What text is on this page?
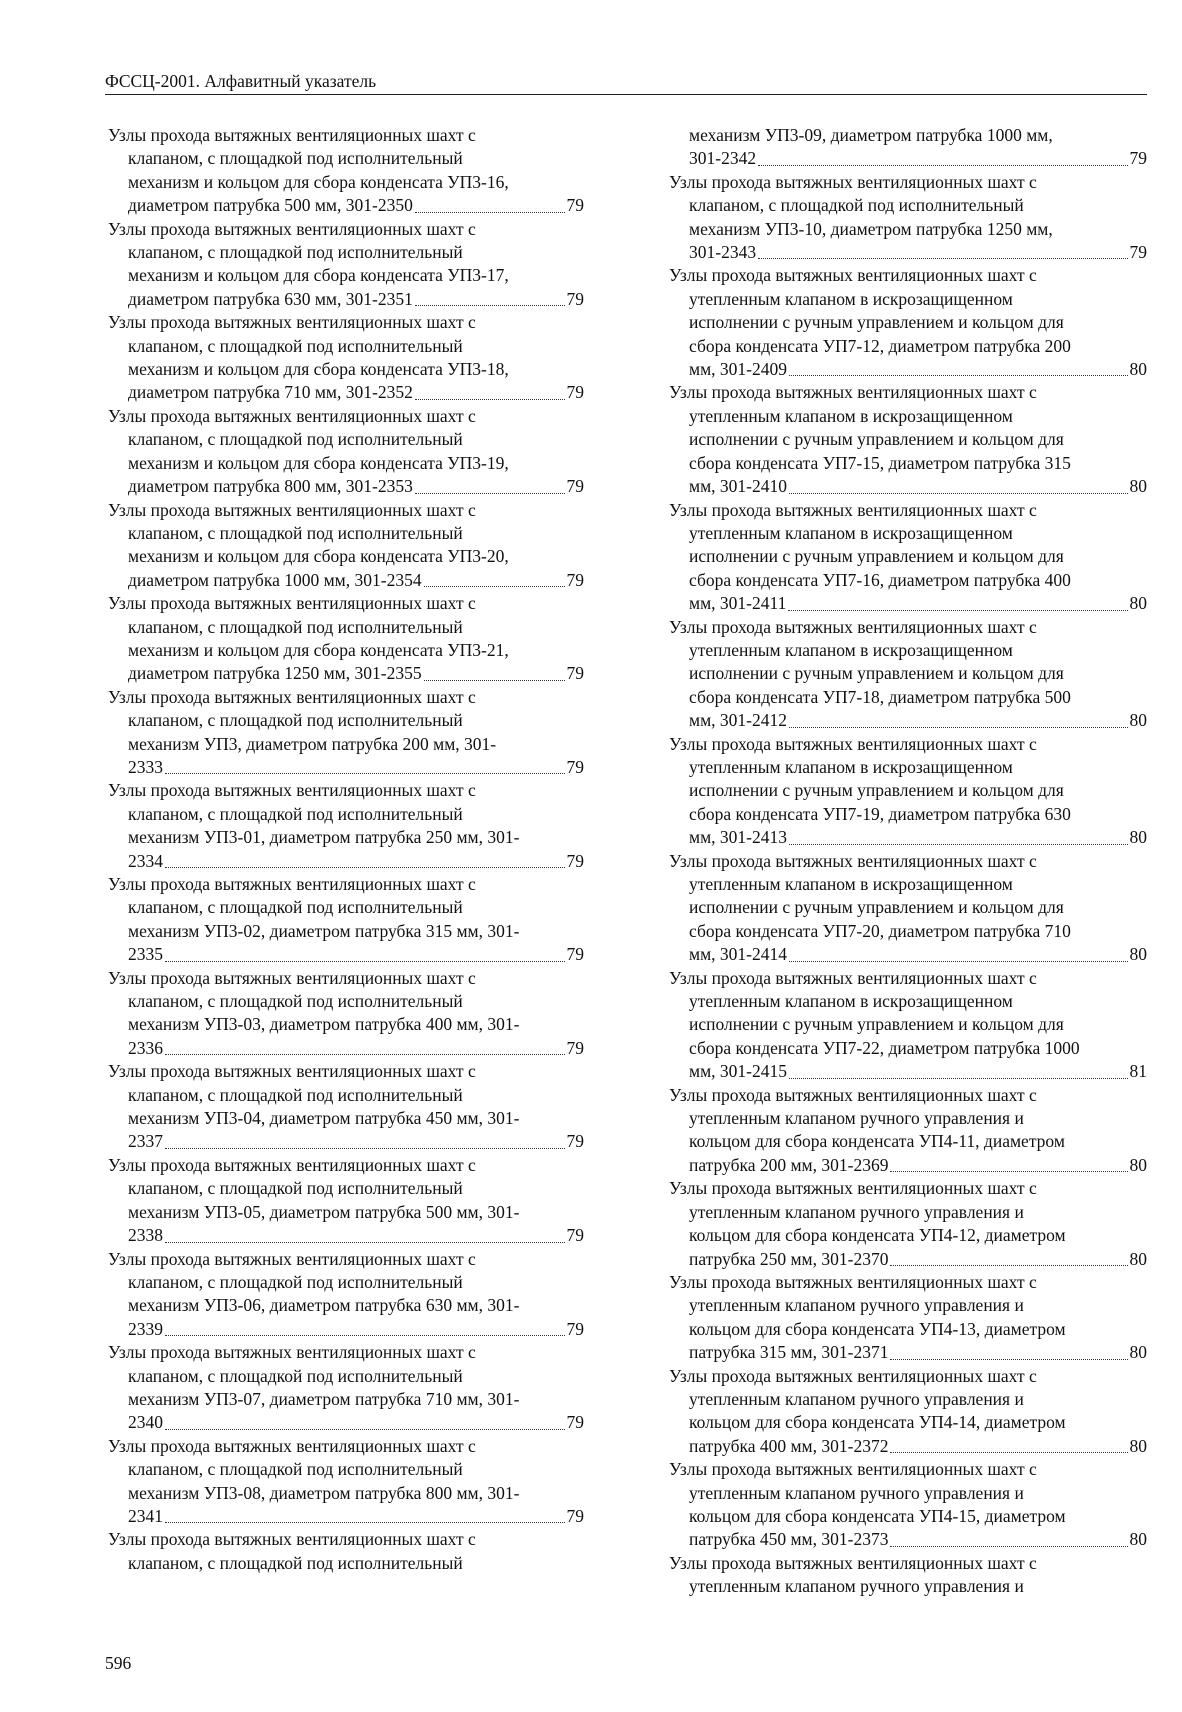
ФССЦ-2001. Алфавитный указатель
Узлы прохода вытяжных вентиляционных шахт с
клапаном, с площадкой под исполнительный
механизм и кольцом для сбора конденсата УП3-16,
диаметром патрубка 500 мм, 301-2350	79
Узлы прохода вытяжных вентиляционных шахт с
клапаном, с площадкой под исполнительный
механизм и кольцом для сбора конденсата УП3-17,
диаметром патрубка 630 мм, 301-2351	79
Узлы прохода вытяжных вентиляционных шахт с
клапаном, с площадкой под исполнительный
механизм и кольцом для сбора конденсата УП3-18,
диаметром патрубка 710 мм, 301-2352	79
Узлы прохода вытяжных вентиляционных шахт с
клапаном, с площадкой под исполнительный
механизм и кольцом для сбора конденсата УП3-19,
диаметром патрубка 800 мм, 301-2353	79
Узлы прохода вытяжных вентиляционных шахт с
клапаном, с площадкой под исполнительный
механизм и кольцом для сбора конденсата УП3-20,
диаметром патрубка 1000 мм, 301-2354	79
Узлы прохода вытяжных вентиляционных шахт с
клапаном, с площадкой под исполнительный
механизм и кольцом для сбора конденсата УП3-21,
диаметром патрубка 1250 мм, 301-2355	79
Узлы прохода вытяжных вентиляционных шахт с
клапаном, с площадкой под исполнительный
механизм УП3, диаметром патрубка 200 мм, 301-
2333	79
Узлы прохода вытяжных вентиляционных шахт с
клапаном, с площадкой под исполнительный
механизм УП3-01, диаметром патрубка 250 мм, 301-
2334	79
Узлы прохода вытяжных вентиляционных шахт с
клапаном, с площадкой под исполнительный
механизм УП3-02, диаметром патрубка 315 мм, 301-
2335	79
Узлы прохода вытяжных вентиляционных шахт с
клапаном, с площадкой под исполнительный
механизм УП3-03, диаметром патрубка 400 мм, 301-
2336	79
Узлы прохода вытяжных вентиляционных шахт с
клапаном, с площадкой под исполнительный
механизм УП3-04, диаметром патрубка 450 мм, 301-
2337	79
Узлы прохода вытяжных вентиляционных шахт с
клапаном, с площадкой под исполнительный
механизм УП3-05, диаметром патрубка 500 мм, 301-
2338	79
Узлы прохода вытяжных вентиляционных шахт с
клапаном, с площадкой под исполнительный
механизм УП3-06, диаметром патрубка 630 мм, 301-
2339	79
Узлы прохода вытяжных вентиляционных шахт с
клапаном, с площадкой под исполнительный
механизм УП3-07, диаметром патрубка 710 мм, 301-
2340	79
Узлы прохода вытяжных вентиляционных шахт с
клапаном, с площадкой под исполнительный
механизм УП3-08, диаметром патрубка 800 мм, 301-
2341	79
Узлы прохода вытяжных вентиляционных шахт с
клапаном, с площадкой под исполнительный
механизм УП3-09, диаметром патрубка 1000 мм,
301-2342	79
Узлы прохода вытяжных вентиляционных шахт с
клапаном, с площадкой под исполнительный
механизм УП3-10, диаметром патрубка 1250 мм,
301-2343	79
Узлы прохода вытяжных вентиляционных шахт с
утепленным клапаном в искрозащищенном
исполнении с ручным управлением и кольцом для
сбора конденсата УП7-12, диаметром патрубка 200
мм, 301-2409	80
Узлы прохода вытяжных вентиляционных шахт с
утепленным клапаном в искрозащищенном
исполнении с ручным управлением и кольцом для
сбора конденсата УП7-15, диаметром патрубка 315
мм, 301-2410	80
Узлы прохода вытяжных вентиляционных шахт с
утепленным клапаном в искрозащищенном
исполнении с ручным управлением и кольцом для
сбора конденсата УП7-16, диаметром патрубка 400
мм, 301-2411	80
Узлы прохода вытяжных вентиляционных шахт с
утепленным клапаном в искрозащищенном
исполнении с ручным управлением и кольцом для
сбора конденсата УП7-18, диаметром патрубка 500
мм, 301-2412	80
Узлы прохода вытяжных вентиляционных шахт с
утепленным клапаном в искрозащищенном
исполнении с ручным управлением и кольцом для
сбора конденсата УП7-19, диаметром патрубка 630
мм, 301-2413	80
Узлы прохода вытяжных вентиляционных шахт с
утепленным клапаном в искрозащищенном
исполнении с ручным управлением и кольцом для
сбора конденсата УП7-20, диаметром патрубка 710
мм, 301-2414	80
Узлы прохода вытяжных вентиляционных шахт с
утепленным клапаном в искрозащищенном
исполнении с ручным управлением и кольцом для
сбора конденсата УП7-22, диаметром патрубка 1000
мм, 301-2415	81
Узлы прохода вытяжных вентиляционных шахт с
утепленным клапаном ручного управления и
кольцом для сбора конденсата УП4-11, диаметром
патрубка 200 мм, 301-2369	80
Узлы прохода вытяжных вентиляционных шахт с
утепленным клапаном ручного управления и
кольцом для сбора конденсата УП4-12, диаметром
патрубка 250 мм, 301-2370	80
Узлы прохода вытяжных вентиляционных шахт с
утепленным клапаном ручного управления и
кольцом для сбора конденсата УП4-13, диаметром
патрубка 315 мм, 301-2371	80
Узлы прохода вытяжных вентиляционных шахт с
утепленным клапаном ручного управления и
кольцом для сбора конденсата УП4-14, диаметром
патрубка 400 мм, 301-2372	80
Узлы прохода вытяжных вентиляционных шахт с
утепленным клапаном ручного управления и
кольцом для сбора конденсата УП4-15, диаметром
патрубка 450 мм, 301-2373	80
Узлы прохода вытяжных вентиляционных шахт с
утепленным клапаном ручного управления и
596
